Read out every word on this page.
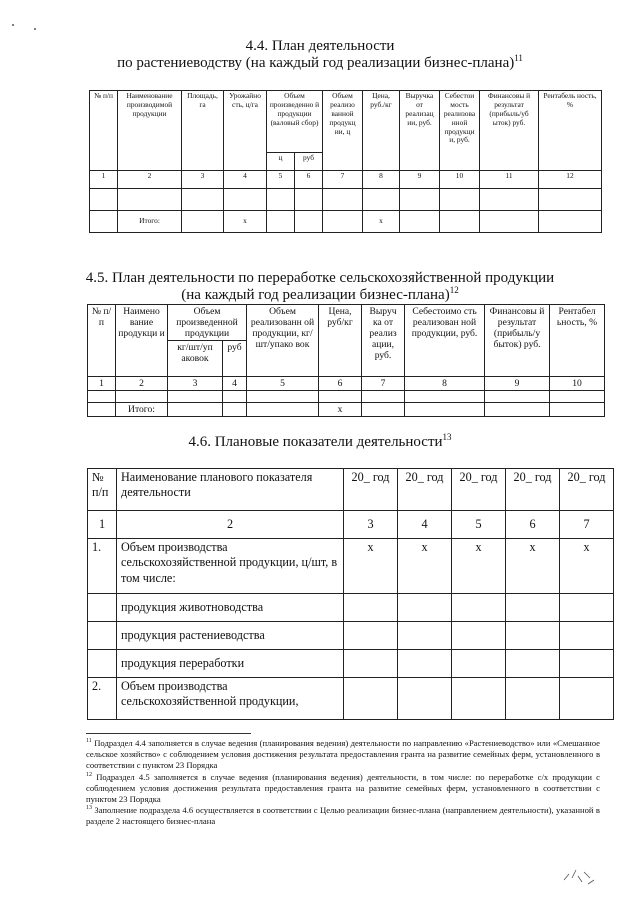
4.4. План деятельности
по растениеводству (на каждый год реализации бизнес-плана)$^{11}$
№ п/п	Наименование производимой продукции	Площадь, га	Урожайно сть, ц/га	Объем произведенно й продукции (валовый сбор)		Объем реализо ванной продукц ии, ц	Цена, руб./кг	Выручка от реализац ии, руб.	Себестои мость реализова нной продукци и, руб.	Финансовы й результат (прибыль/уб ыток) руб.	Рентабель ность, %
				ц	руб						
1	2	3	4	5	6	7	8	9	10	11	12

	Итого:		х				х				
4.5. План деятельности по переработке сельскохозяйственной продукции
(на каждый год реализации бизнес-плана)$^{12}$
№ п/п	Наимено вание продукци и	Объем произведенной продукции		Объем реализованн ой продукции, кг/шт/упако вок	Цена, руб/кг	Выруч ка от реализ ации, руб.	Себестоимо сть реализован ной продукции, руб.	Финансовы й результат (прибыль/у быток) руб.	Рентабел ьность, %
		кг/шт/уп аковок	руб						
1	2	3	4	5	6	7	8	9	10

	Итого:				х				
4.6. Плановые показатели деятельности$^{13}$
№ п/п	Наименование планового показателя деятельности	20_ год	20_ год	20_ год	20_ год	20_ год
1	2	3	4	5	6	7
1.	Объем производства сельскохозяйственной продукции, ц/шт, в том числе:	х	х	х	х	х
	продукция животноводства					
	продукция растениеводства					
	продукция переработки					
2.	Объем производства сельскохозяйственной продукции,					
$^{11}$ Подраздел 4.4 заполняется в случае ведения (планирования ведения) деятельности по направлению «Растениеводство» или «Смешанное сельское хозяйство» с соблюдением условия достижения результата предоставления гранта на развитие семейных ферм, установленного в соответствии с пунктом 23 Порядка
$^{12}$ Подраздел 4.5 заполняется в случае ведения (планирования ведения) деятельности, в том числе: по переработке с/х продукции с соблюдением условия достижения результата предоставления гранта на развитие семейных ферм, установленного в соответствии с пунктом 23 Порядка
$^{13}$ Заполнение подраздела 4.6 осуществляется в соответствии с Целью реализации бизнес-плана (направлением деятельности), указанной в разделе 2 настоящего бизнес-плана
